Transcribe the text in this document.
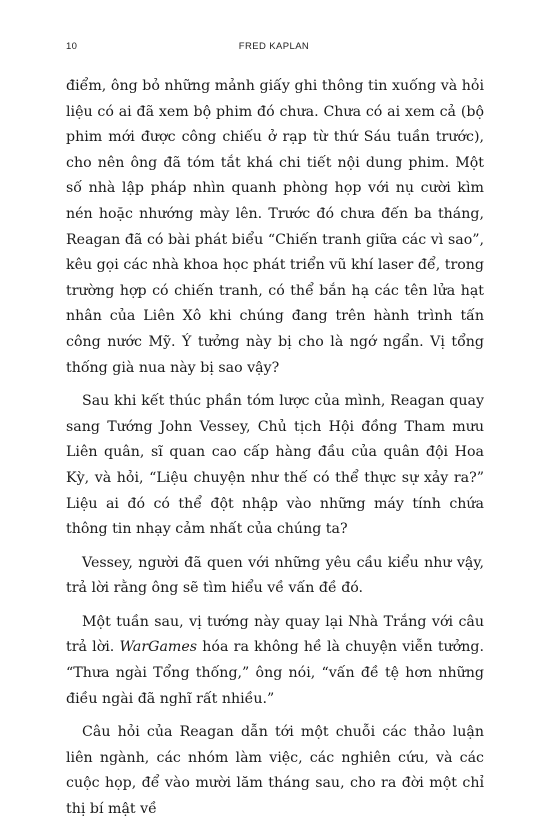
10	FRED KAPLAN

điểm, ông bỏ những mảnh giấy ghi thông tin xuống và hỏi liệu có ai đã xem bộ phim đó chưa. Chưa có ai xem cả (bộ phim mới được công chiếu ở rạp từ thứ Sáu tuần trước), cho nên ông đã tóm tắt khá chi tiết nội dung phim. Một số nhà lập pháp nhìn quanh phòng họp với nụ cười kìm nén hoặc nhướng mày lên. Trước đó chưa đến ba tháng, Reagan đã có bài phát biểu “Chiến tranh giữa các vì sao”, kêu gọi các nhà khoa học phát triển vũ khí laser để, trong trường hợp có chiến tranh, có thể bắn hạ các tên lửa hạt nhân của Liên Xô khi chúng đang trên hành trình tấn công nước Mỹ. Ý tưởng này bị cho là ngớ ngẩn. Vị tổng thống già nua này bị sao vậy?

Sau khi kết thúc phần tóm lược của mình, Reagan quay sang Tướng John Vessey, Chủ tịch Hội đồng Tham mưu Liên quân, sĩ quan cao cấp hàng đầu của quân đội Hoa Kỳ, và hỏi, “Liệu chuyện như thế có thể thực sự xảy ra?” Liệu ai đó có thể đột nhập vào những máy tính chứa thông tin nhạy cảm nhất của chúng ta?

Vessey, người đã quen với những yêu cầu kiểu như vậy, trả lời rằng ông sẽ tìm hiểu về vấn đề đó.

Một tuần sau, vị tướng này quay lại Nhà Trắng với câu trả lời. WarGames hóa ra không hề là chuyện viễn tưởng. “Thưa ngài Tổng thống,” ông nói, “vấn đề tệ hơn những điều ngài đã nghĩ rất nhiều.”

Câu hỏi của Reagan dẫn tới một chuỗi các thảo luận liên ngành, các nhóm làm việc, các nghiên cứu, và các cuộc họp, để vào mười lăm tháng sau, cho ra đời một chỉ thị bí mật về
